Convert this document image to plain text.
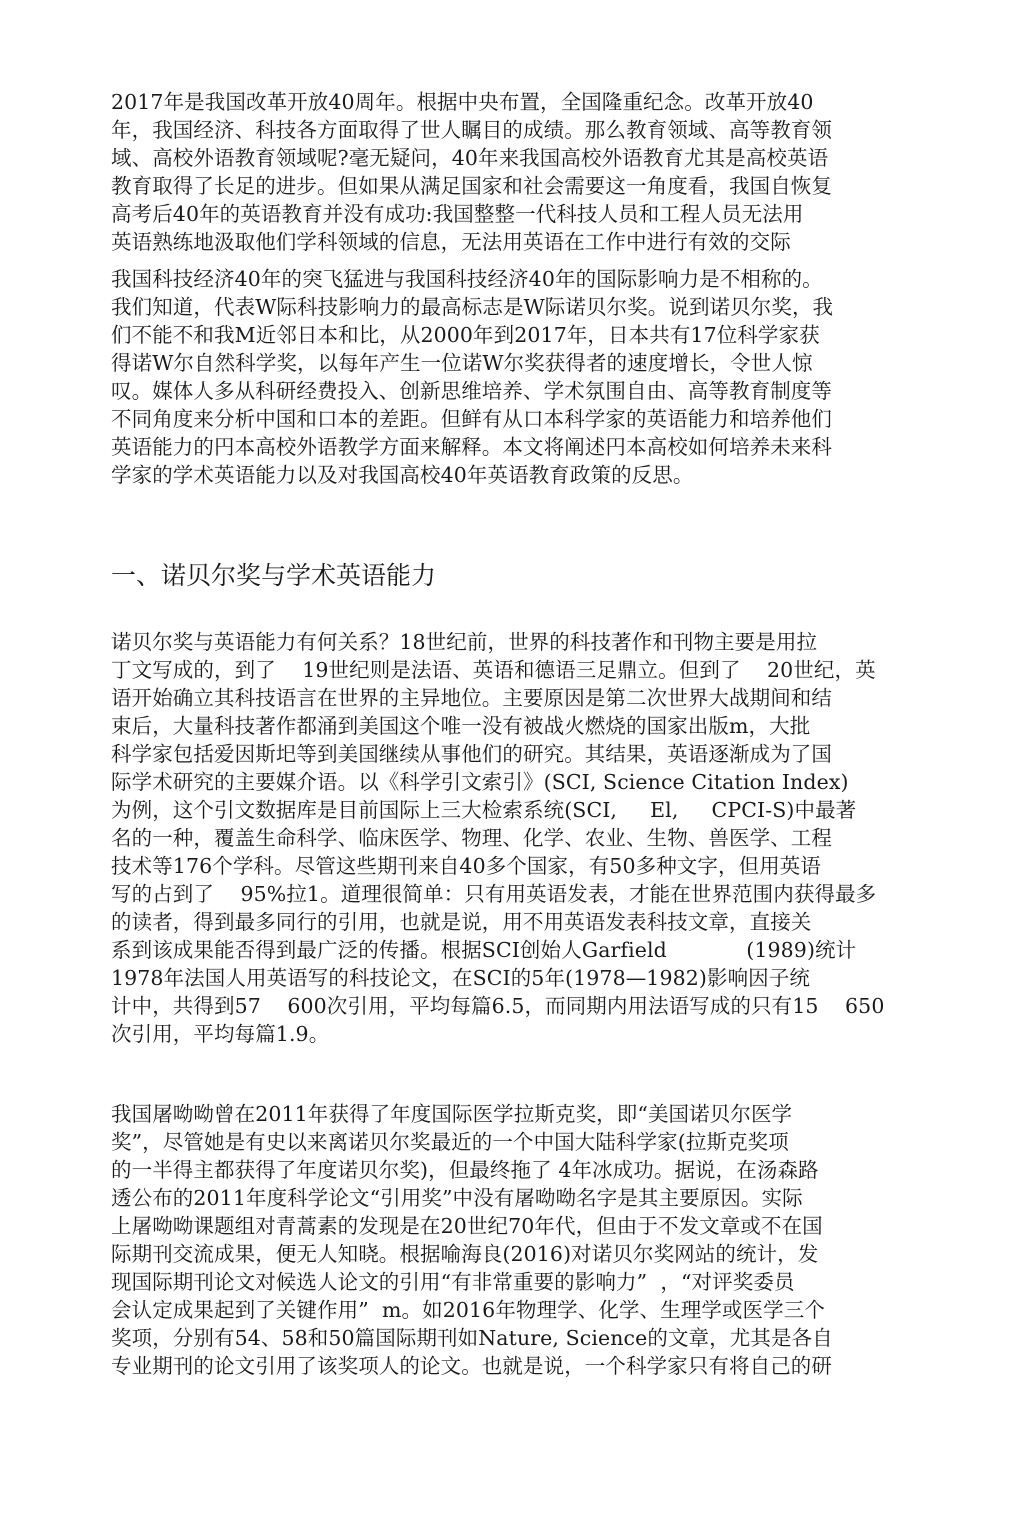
2017年是我国改革开放40周年。根据中央布置，全国隆重纪念。改革开放40
年，我国经济、科技各方面取得了世人瞩目的成绩。那么教育领域、高等教育领
域、高校外语教育领域呢?毫无疑问，40年来我国高校外语教育尤其是高校英语
教育取得了长足的进步。但如果从满足国家和社会需要这一角度看，我国自恢复
高考后40年的英语教育并没有成功:我国整整一代科技人员和工程人员无法用
英语熟练地汲取他们学科领域的信息，无法用英语在工作中进行有效的交际
我国科技经济40年的突飞猛进与我国科技经济40年的国际影响力是不相称的。
我们知道，代表W际科技影响力的最高标志是W际诺贝尔奖。说到诺贝尔奖，我
们不能不和我M近邻日本和比，从2000年到2017年，日本共有17位科学家获
得诺W尔自然科学奖，以每年产生一位诺W尔奖获得者的速度增长，令世人惊
叹。媒体人多从科研经费投入、创新思维培养、学术氛围自由、高等教育制度等
不同角度来分析中国和口本的差距。但鲜有从口本科学家的英语能力和培养他们
英语能力的円本高校外语教学方面来解释。本文将阐述円本高校如何培养未来科
学家的学术英语能力以及对我国高校40年英语教育政策的反思。
一、诺贝尔奖与学术英语能力
诺贝尔奖与英语能力有何关系？18世纪前，世界的科技著作和刊物主要是用拉
丁文写成的，到了    19世纪则是法语、英语和德语三足鼎立。但到了    20世纪，英
语开始确立其科技语言在世界的主异地位。主要原因是第二次世界大战期间和结
束后，大量科技著作都涌到美国这个唯一没有被战火燃烧的国家出版m，大批
科学家包括爱因斯圯等到美国继续从事他们的研究。其结果，英语逐渐成为了国
际学术研究的主要媒介语。以《科学引文索引》(SCI, Science Citation Index)
为例，这个引文数据库是目前国际上三大检索系统(SCI,     El,     CPCI-S)中最著
名的一种，覆盖生命科学、临床医学、物理、化学、农业、生物、兽医学、工程
技术等176个学科。尽管这些期刊来自40多个国家，有50多种文字，但用英语
写的占到了    95%拉1。道理很简单：只有用英语发表，才能在世界范围内获得最多
的读者，得到最多同行的引用，也就是说，用不用英语发表科技文章，直接关
系到该成果能否得到最广泛的传播。根据SCI创始人Garfield            (1989)统计
1978年法国人用英语写的科技论文，在SCI的5年(1978—1982)影响因子统
计中，共得到57    600次引用，平均每篇6.5，而同期内用法语写成的只有15    650
次引用，平均每篇1.9。
我国屠呦呦曾在2011年获得了年度国际医学拉斯克奖，即“美国诺贝尔医学
奖”，尽管她是有史以来离诺贝尔奖最近的一个中国大陆科学家(拉斯克奖项
的一半得主都获得了年度诺贝尔奖)，但最终拖了 4年冰成功。据说，在汤森路
透公布的2011年度科学论文“引用奖”中没有屠呦呦名字是其主要原因。实际
上屠呦呦课题组对青蒿素的发现是在20世纪70年代，但由于不发文章或不在国
际期刊交流成果，便无人知晓。根据喻海良(2016)对诺贝尔奖网站的统计，发
现国际期刊论文对候选人论文的引用“有非常重要的影响力”  ，“对评奖委员
会认定成果起到了关键作用”  m。如2016年物理学、化学、生理学或医学三个
奖项，分别有54、58和50篇国际期刊如Nature, Science的文章，尤其是各自
专业期刊的论文引用了该奖项人的论文。也就是说，一个科学家只有将自己的研
